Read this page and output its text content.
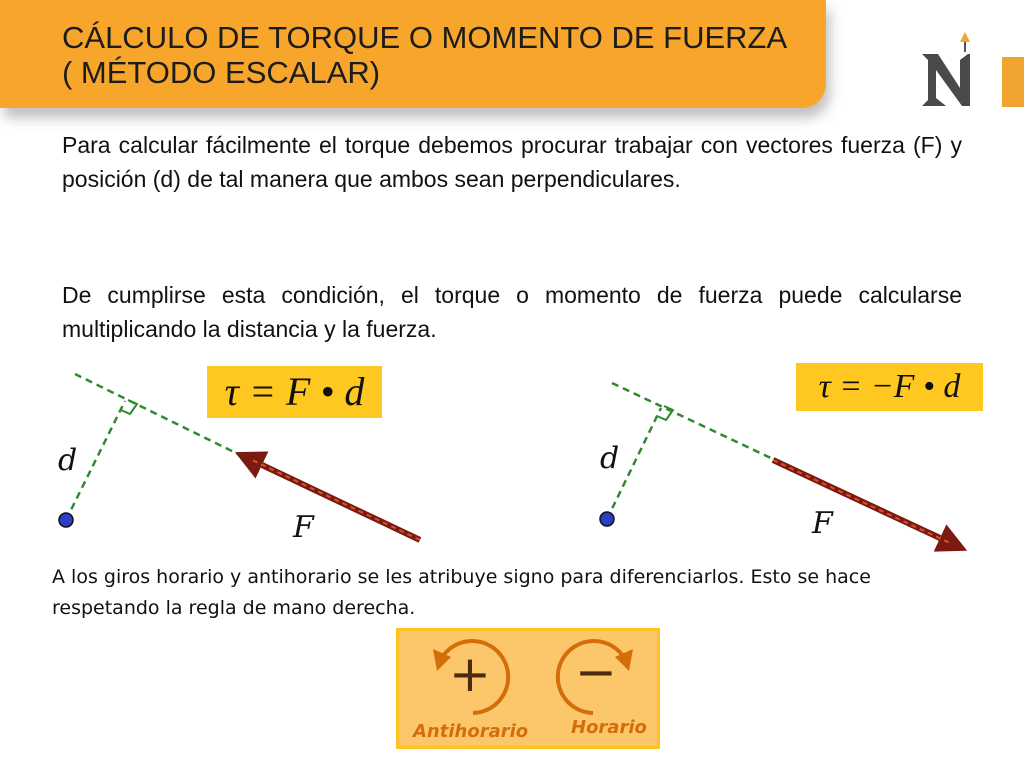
CÁLCULO DE TORQUE O MOMENTO DE FUERZA ( MÉTODO ESCALAR)
Para calcular fácilmente el torque debemos procurar trabajar con vectores fuerza (F) y posición (d) de tal manera que ambos sean perpendiculares.
De cumplirse esta condición, el torque o momento de fuerza puede calcularse multiplicando la distancia y la fuerza.
d
F
d
F
τ = F • d	τ = −F • d
A los giros horario y antihorario se les atribuye signo para diferenciarlos. Esto se hace respetando la regla de mano derecha.
+ −
Antihorario Horario
